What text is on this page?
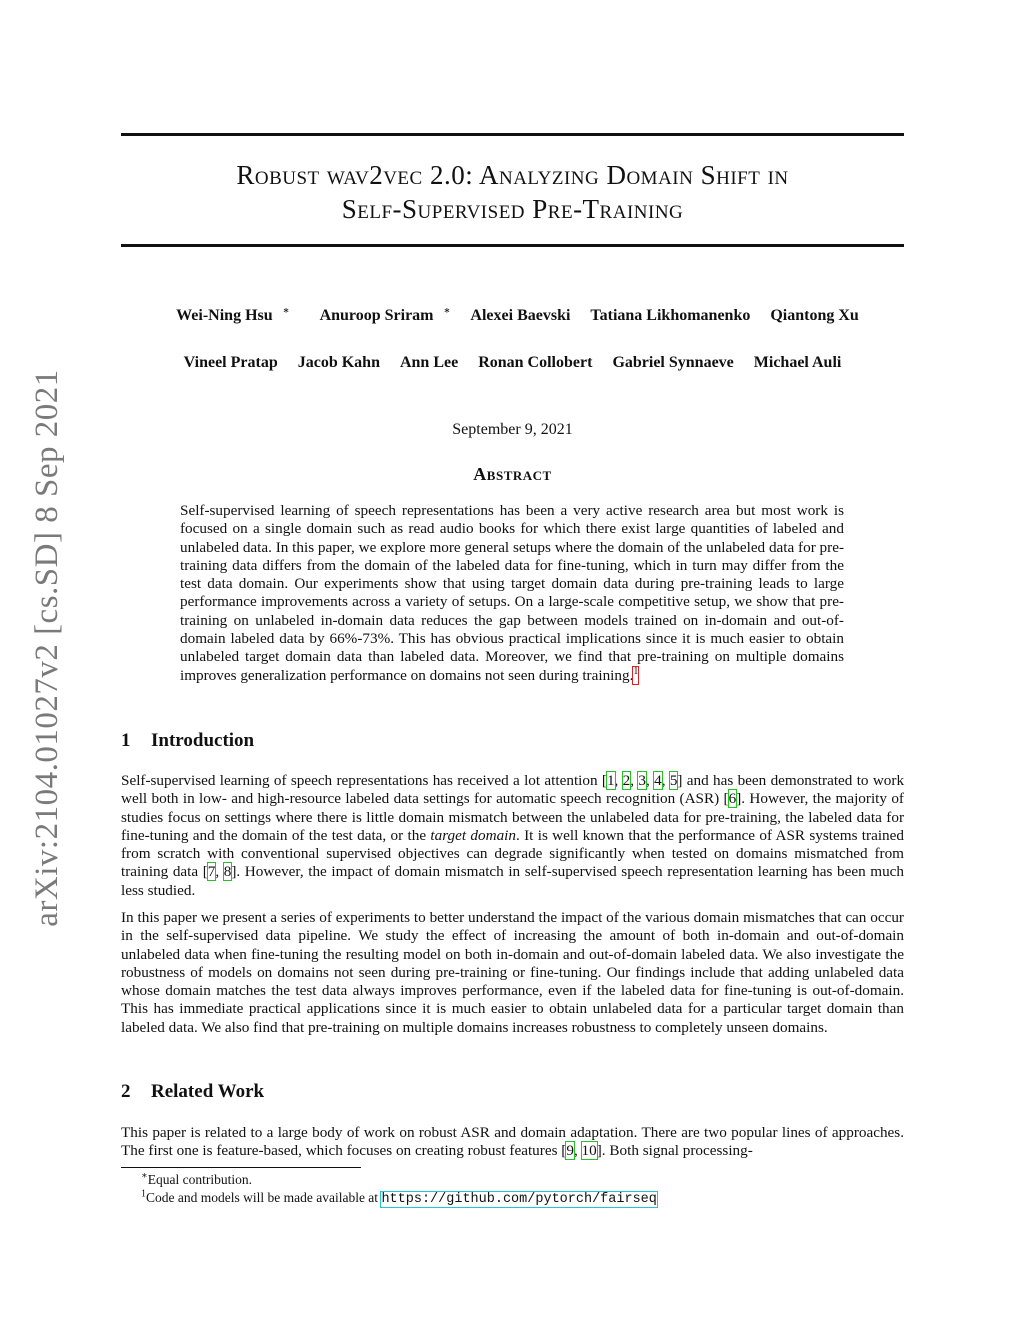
arXiv:2104.01027v2 [cs.SD] 8 Sep 2021
Robust wav2vec 2.0: Analyzing Domain Shift in
Self-Supervised Pre-Training
Wei-Ning Hsu ∗	Anuroop Sriram ∗ Alexei Baevski Tatiana Likhomanenko Qiantong Xu
Vineel Pratap Jacob Kahn Ann Lee Ronan Collobert Gabriel Synnaeve Michael Auli
September 9, 2021
Abstract
Self-supervised learning of speech representations has been a very active research area but most work is focused on a single domain such as read audio books for which there exist large quantities of labeled and unlabeled data. In this paper, we explore more general setups where the domain of the unlabeled data for pre-training data differs from the domain of the labeled data for fine-tuning, which in turn may differ from the test data domain. Our experiments show that using target domain data during pre-training leads to large performance improvements across a variety of setups. On a large-scale competitive setup, we show that pre-training on unlabeled in-domain data reduces the gap between models trained on in-domain and out-of-domain labeled data by 66%-73%. This has obvious practical implications since it is much easier to obtain unlabeled target domain data than labeled data. Moreover, we find that pre-training on multiple domains improves generalization performance on domains not seen during training.$^1$
1 Introduction
Self-supervised learning of speech representations has received a lot attention [1, 2, 3, 4, 5] and has been demonstrated to work well both in low- and high-resource labeled data settings for automatic speech recognition (ASR) [6]. However, the majority of studies focus on settings where there is little domain mismatch between the unlabeled data for pre-training, the labeled data for fine-tuning and the domain of the test data, or the target domain. It is well known that the performance of ASR systems trained from scratch with conventional supervised objectives can degrade significantly when tested on domains mismatched from training data [7, 8]. However, the impact of domain mismatch in self-supervised speech representation learning has been much less studied.
In this paper we present a series of experiments to better understand the impact of the various domain mismatches that can occur in the self-supervised data pipeline. We study the effect of increasing the amount of both in-domain and out-of-domain unlabeled data when fine-tuning the resulting model on both in-domain and out-of-domain labeled data. We also investigate the robustness of models on domains not seen during pre-training or fine-tuning. Our findings include that adding unlabeled data whose domain matches the test data always improves performance, even if the labeled data for fine-tuning is out-of-domain. This has immediate practical applications since it is much easier to obtain unlabeled data for a particular target domain than labeled data. We also find that pre-training on multiple domains increases robustness to completely unseen domains.
2 Related Work
This paper is related to a large body of work on robust ASR and domain adaptation. There are two popular lines of approaches. The first one is feature-based, which focuses on creating robust features [9, 10]. Both signal processing-
∗Equal contribution.
$^1$Code and models will be made available at https://github.com/pytorch/fairseq
